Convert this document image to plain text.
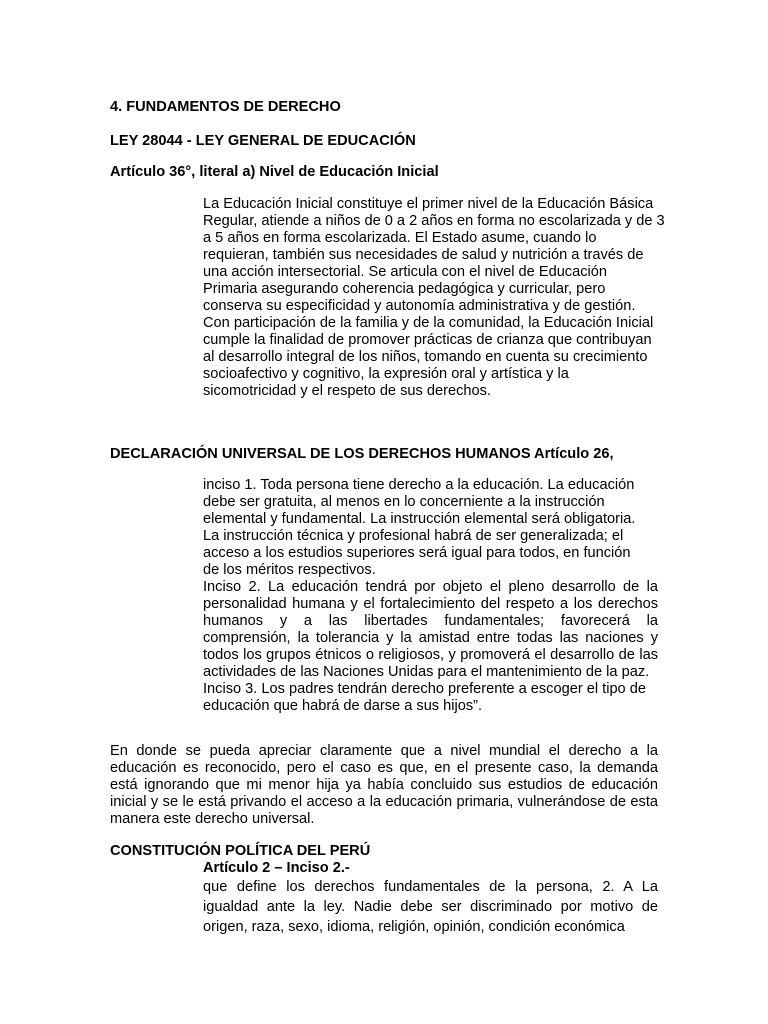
4. FUNDAMENTOS DE DERECHO

LEY 28044 - LEY GENERAL DE EDUCACIÓN

Artículo 36°, literal a) Nivel de Educación Inicial

La Educación Inicial constituye el primer nivel de la Educación Básica Regular, atiende a niños de 0 a 2 años en forma no escolarizada y de 3 a 5 años en forma escolarizada. El Estado asume, cuando lo requieran, también sus necesidades de salud y nutrición a través de una acción intersectorial. Se articula con el nivel de Educación Primaria asegurando coherencia pedagógica y curricular, pero conserva su especificidad y autonomía administrativa y de gestión. Con participación de la familia y de la comunidad, la Educación Inicial cumple la finalidad de promover prácticas de crianza que contribuyan al desarrollo integral de los niños, tomando en cuenta su crecimiento socioafectivo y cognitivo, la expresión oral y artística y la sicomotricidad y el respeto de sus derechos.

DECLARACIÓN UNIVERSAL DE LOS DERECHOS HUMANOS Artículo 26,

inciso 1. Toda persona tiene derecho a la educación. La educación debe ser gratuita, al menos en lo concerniente a la instrucción elemental y fundamental. La instrucción elemental será obligatoria. La instrucción técnica y profesional habrá de ser generalizada; el acceso a los estudios superiores será igual para todos, en función de los méritos respectivos.

Inciso 2. La educación tendrá por objeto el pleno desarrollo de la personalidad humana y el fortalecimiento del respeto a los derechos humanos y a las libertades fundamentales; favorecerá la comprensión, la tolerancia y la amistad entre todas las naciones y todos los grupos étnicos o religiosos, y promoverá el desarrollo de las actividades de las Naciones Unidas para el mantenimiento de la paz.

Inciso 3. Los padres tendrán derecho preferente a escoger el tipo de educación que habrá de darse a sus hijos”.

En donde se pueda apreciar claramente que a nivel mundial el derecho a la educación es reconocido, pero el caso es que, en el presente caso, la demanda está ignorando que mi menor hija ya había concluido sus estudios de educación inicial y se le está privando el acceso a la educación primaria, vulnerándose de esta manera este derecho universal.

CONSTITUCIÓN POLÍTICA DEL PERÚ

Artículo 2 – Inciso 2.-

que define los derechos fundamentales de la persona, 2. A La igualdad ante la ley. Nadie debe ser discriminado por motivo de origen, raza, sexo, idioma, religión, opinión, condición económica
